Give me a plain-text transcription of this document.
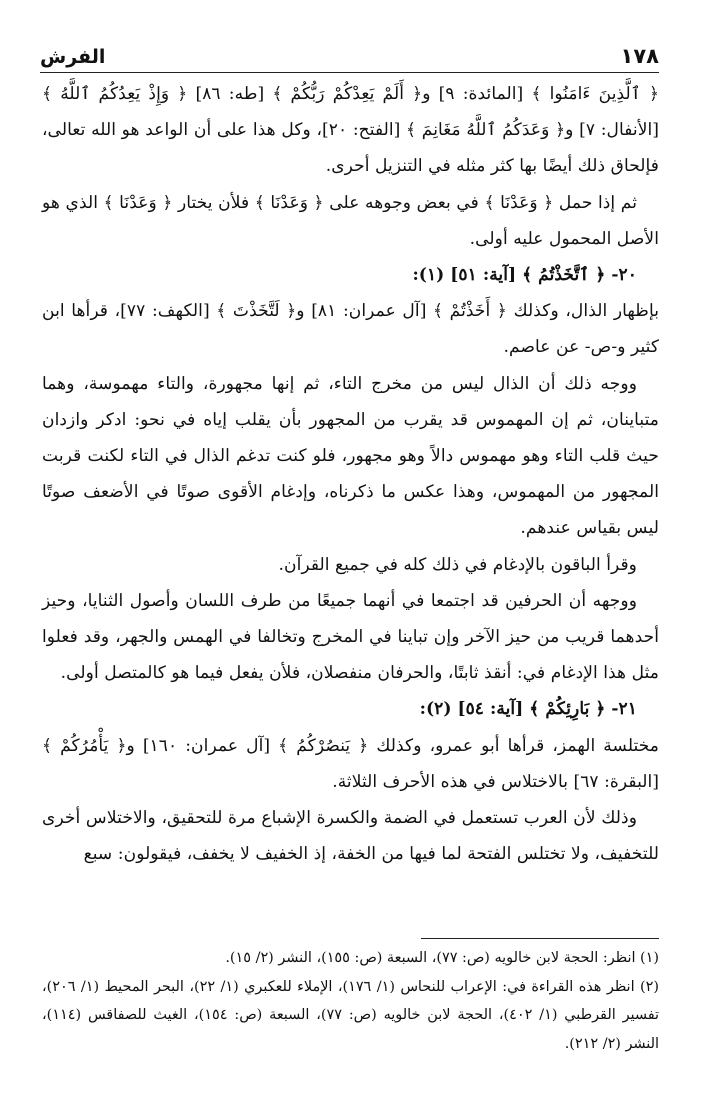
١٧٨
الفرش

﴿ ٱلَّذِينَ ءَامَنُوا ﴾ [المائدة: ٩] و﴿ أَلَمْ يَعِدْكُمْ رَبُّكُمْ ﴾ [طه: ٨٦] ﴿ وَإِذْ يَعِدُكُمُ ٱللَّهُ ﴾ [الأنفال: ٧] و﴿ وَعَدَكُمُ ٱللَّهُ مَغَانِمَ ﴾ [الفتح: ٢٠]، وكل هذا على أن الواعد هو الله تعالى، فإلحاق ذلك أيضًا بها كثر مثله في التنزيل أحرى.

ثم إذا حمل ﴿ وَعَدْنَا ﴾ في بعض وجوهه على ﴿ وَعَدْنَا ﴾ فلأن يختار ﴿ وَعَدْنَا ﴾ الذي هو الأصل المحمول عليه أولى.

٢٠- ﴿ ٱتَّخَذْتُمُ ﴾ [آية: ٥١] (١):

بإظهار الذال، وكذلك ﴿ أَخَذْتُمْ ﴾ [آل عمران: ٨١] و﴿ لَتَّخَذْتَ ﴾ [الكهف: ٧٧]، قرأها ابن كثير و-ص- عن عاصم.

ووجه ذلك أن الذال ليس من مخرج التاء، ثم إنها مجهورة، والتاء مهموسة، وهما متباينان، ثم إن المهموس قد يقرب من المجهور بأن يقلب إياه في نحو: ادكر وازدان حيث قلب التاء وهو مهموس دالاً وهو مجهور، فلو كنت تدغم الذال في التاء لكنت قربت المجهور من المهموس، وهذا عكس ما ذكرناه، وإدغام الأقوى صوتًا في الأضعف صوتًا ليس بقياس عندهم.

وقرأ الباقون بالإدغام في ذلك كله في جميع القرآن.

ووجهه أن الحرفين قد اجتمعا في أنهما جميعًا من طرف اللسان وأصول الثنايا، وحيز أحدهما قريب من حيز الآخر وإن تباينا في المخرج وتخالفا في الهمس والجهر، وقد فعلوا مثل هذا الإدغام في: أنقذ ثابتًا، والحرفان منفصلان، فلأن يفعل فيما هو كالمتصل أولى.

٢١- ﴿ بَارِئِكُمْ ﴾ [آية: ٥٤] (٢):

مختلسة الهمز، قرأها أبو عمرو، وكذلك ﴿ يَنصُرْكُمُ ﴾ [آل عمران: ١٦٠] و﴿ يَأْمُرُكُمْ ﴾ [البقرة: ٦٧] بالاختلاس في هذه الأحرف الثلاثة.

وذلك لأن العرب تستعمل في الضمة والكسرة الإشباع مرة للتحقيق، والاختلاس أخرى للتخفيف، ولا تختلس الفتحة لما فيها من الخفة، إذ الخفيف لا يخفف، فيقولون: سبع

(١) انظر: الحجة لابن خالويه (ص: ٧٧)، السبعة (ص: ١٥٥)، النشر (٢/ ١٥).

(٢) انظر هذه القراءة في: الإعراب للنحاس (١/ ١٧٦)، الإملاء للعكبري (١/ ٢٢)، البحر المحيط (١/ ٢٠٦)، تفسير القرطبي (١/ ٤٠٢)، الحجة لابن خالويه (ص: ٧٧)، السبعة (ص: ١٥٤)، الغيث للصفاقس (١١٤)، النشر (٢/ ٢١٢).
